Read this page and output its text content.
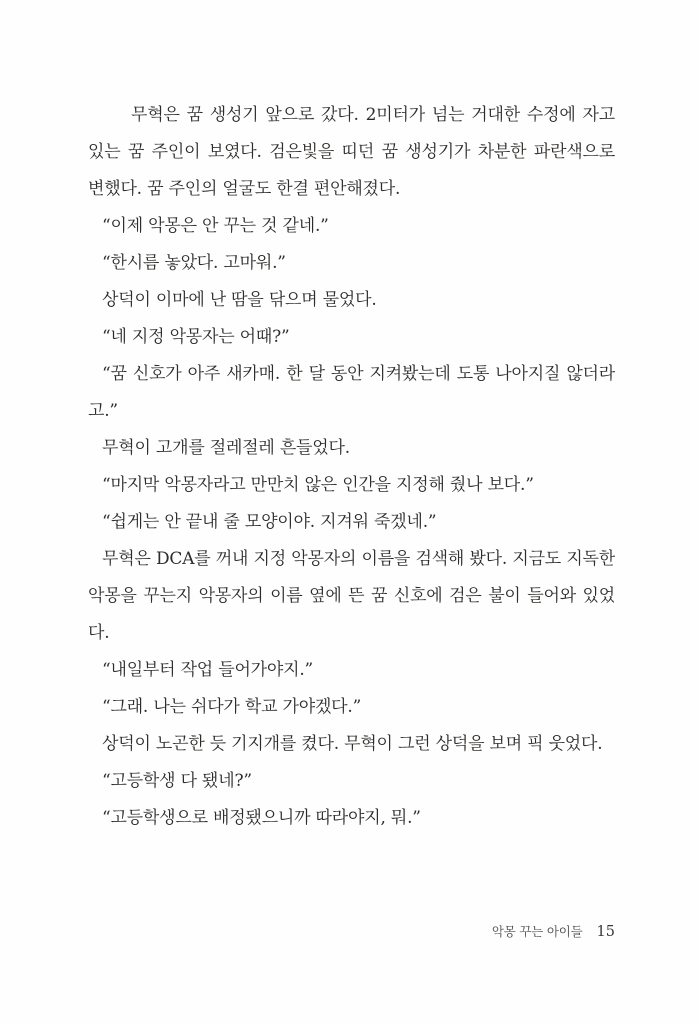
무혁은 꿈 생성기 앞으로 갔다. 2미터가 넘는 거대한 수정에 자고 있는 꿈 주인이 보였다. 검은빛을 띠던 꿈 생성기가 차분한 파란색으로 변했다. 꿈 주인의 얼굴도 한결 편안해졌다.

“이제 악몽은 안 꾸는 것 같네.”

“한시름 놓았다. 고마워.”

상덕이 이마에 난 땀을 닦으며 물었다.

“네 지정 악몽자는 어때?”

“꿈 신호가 아주 새카매. 한 달 동안 지켜봤는데 도통 나아지질 않더라고.”

무혁이 고개를 절레절레 흔들었다.

“마지막 악몽자라고 만만치 않은 인간을 지정해 줬나 보다.”

“쉽게는 안 끝내 줄 모양이야. 지겨워 죽겠네.”

무혁은 DCA를 꺼내 지정 악몽자의 이름을 검색해 봤다. 지금도 지독한 악몽을 꾸는지 악몽자의 이름 옆에 뜬 꿈 신호에 검은 불이 들어와 있었다.

“내일부터 작업 들어가야지.”

“그래. 나는 쉬다가 학교 가야겠다.”

상덕이 노곤한 듯 기지개를 켰다. 무혁이 그런 상덕을 보며 픽 웃었다.

“고등학생 다 됐네?”

“고등학생으로 배정됐으니까 따라야지, 뭐.”

악몽 꾸는 아이들 15
